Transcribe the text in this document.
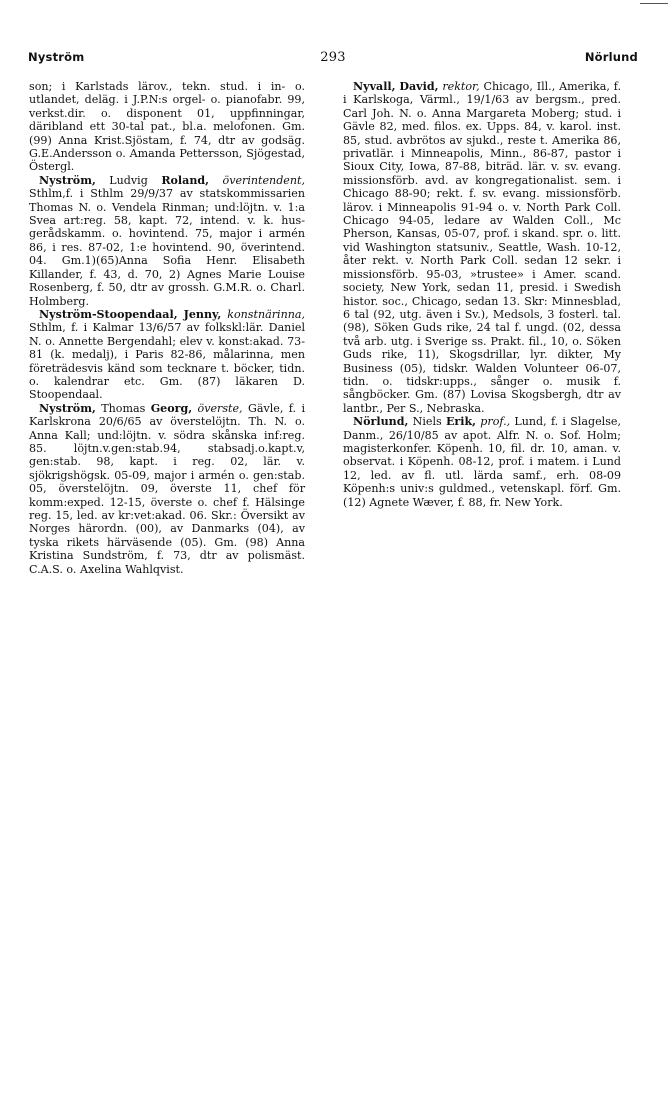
293
Nyström	Nörlund

son; i Karlstads lärov., tekn. stud. i in- o. utlandet, deläg. i J.P.N:s orgel- o. pianofabr. 99, verkst.dir. o. disponent 01, uppfinningar, däribland ett 30-tal pat., bl.a. melofonen. Gm. (99) Anna Krist.Sjöstam, f. 74, dtr av godsäg. G.E.Andersson o. Amanda Pettersson, Sjögestad, Östergl.

Nyström, Ludvig Roland, överintendent, Sthlm,f. i Sthlm 29/9/37 av statskommissarien Thomas N. o. Vendela Rinman; und:löjtn. v. 1:a Svea art:reg. 58, kapt. 72, intend. v. k. hus-gerådskamm. o. hovintend. 75, major i armén 86, i res. 87-02, 1:e hovintend. 90, överintend. 04. Gm.1)(65)Anna Sofia Henr. Elisabeth Killander, f. 43, d. 70, 2) Agnes Marie Louise Rosenberg, f. 50, dtr av grossh. G.M.R. o. Charl. Holmberg.

Nyström-Stoopendaal, Jenny, konstnärinna, Sthlm, f. i Kalmar 13/6/57 av folkskl:lär. Daniel N. o. Annette Bergendahl; elev v. konst:akad. 73-81 (k. medalj), i Paris 82-86, målarinna, men företrädesvis känd som tecknare t. böcker, tidn. o. kalendrar etc. Gm. (87) läkaren D. Stoopendaal.

Nyström, Thomas Georg, överste, Gävle, f. i Karlskrona 20/6/65 av överstelöjtn. Th. N. o. Anna Kall; und:löjtn. v. södra skånska inf:reg. 85. löjtn.v.gen:stab.94, stabsadj.o.kapt.v, gen:stab. 98, kapt. i reg. 02, lär. v. sjökrigshögsk. 05-09, major i armén o. gen:stab. 05, överstelöjtn. 09, överste 11, chef för komm:exped. 12-15, överste o. chef f. Hälsinge reg. 15, led. av kr:vet:akad. 06. Skr.: Översikt av Norges härordn. (00), av Danmarks (04), av tyska rikets härväsende (05). Gm. (98) Anna Kristina Sundström, f. 73, dtr av polismäst. C.A.S. o. Axelina Wahlqvist.

Nyvall, David, rektor, Chicago, Ill., Amerika, f. i Karlskoga, Värml., 19/1/63 av bergsm., pred. Carl Joh. N. o. Anna Margareta Moberg; stud. i Gävle 82, med. filos. ex. Upps. 84, v. karol. inst. 85, stud. avbrötos av sjukd., reste t. Amerika 86, privatlär. i Minneapolis, Minn., 86-87, pastor i Sioux City, Iowa, 87-88, biträd. lär. v. sv. evang. missionsförb. avd. av kongregationalist. sem. i Chicago 88-90; rekt. f. sv. evang. missionsförb. lärov. i Minneapolis 91-94 o. v. North Park Coll. Chicago 94-05, ledare av Walden Coll., Mc Pherson, Kansas, 05-07, prof. i skand. spr. o. litt. vid Washington statsuniv., Seattle, Wash. 10-12, åter rekt. v. North Park Coll. sedan 12 sekr. i missionsförb. 95-03, »trustee» i Amer. scand. society, New York, sedan 11, presid. i Swedish histor. soc., Chicago, sedan 13. Skr: Minnesblad, 6 tal (92, utg. även i Sv.), Medsols, 3 fosterl. tal. (98), Söken Guds rike, 24 tal f. ungd. (02, dessa två arb. utg. i Sverige ss. Prakt. fil., 10, o. Söken Guds rike, 11), Skogsdrillar, lyr. dikter, My Business (05), tidskr. Walden Volunteer 06-07, tidn. o. tidskr:upps., sånger o. musik f. sångböcker. Gm. (87) Lovisa Skogsbergh, dtr av lantbr., Per S., Nebraska.

Nörlund, Niels Erik, prof., Lund, f. i Slagelse, Danm., 26/10/85 av apot. Alfr. N. o. Sof. Holm; magisterkonfer. Köpenh. 10, fil. dr. 10, aman. v. observat. i Köpenh. 08-12, prof. i matem. i Lund 12, led. av fl. utl. lärda samf., erh. 08-09 Köpenh:s univ:s guldmed., vetenskapl. förf. Gm. (12) Agnete Wæver, f. 88, fr. New York.
